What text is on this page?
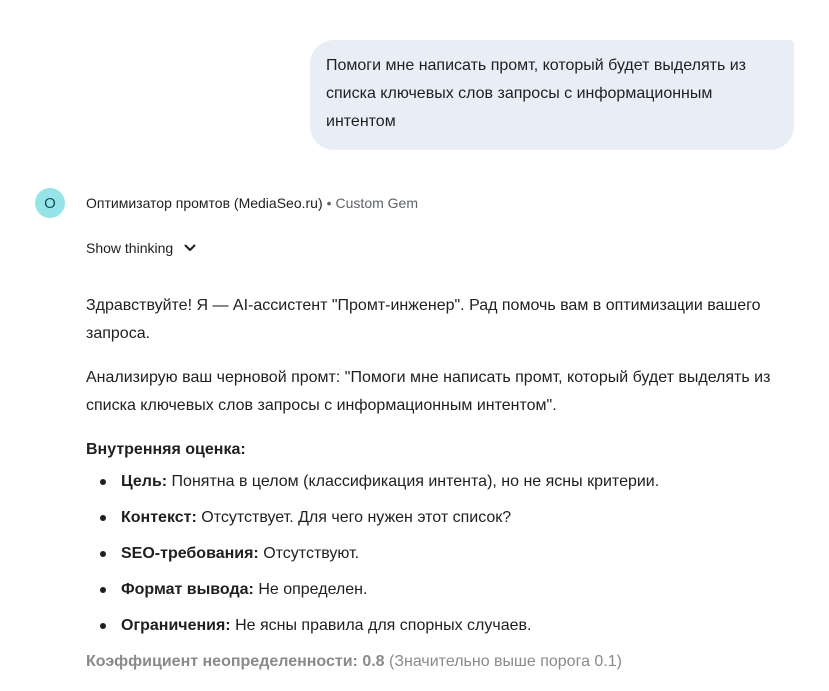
Помоги мне написать промт, который будет выделять из списка ключевых слов запросы с информационным интентом
O Оптимизатор промтов (MediaSeo.ru) • Custom Gem
Show thinking

Здравствуйте! Я — AI-ассистент "Промт-инженер". Рад помочь вам в оптимизации вашего запроса.

Анализирую ваш черновой промт: "Помоги мне написать промт, который будет выделять из списка ключевых слов запросы с информационным интентом".

Внутренняя оценка:

Цель: Понятна в целом (классификация интента), но не ясны критерии.
Контекст: Отсутствует. Для чего нужен этот список?
SEO-требования: Отсутствуют.
Формат вывода: Не определен.
Ограничения: Не ясны правила для спорных случаев.

Коэффициент неопределенности: 0.8 (Значительно выше порога 0.1)
